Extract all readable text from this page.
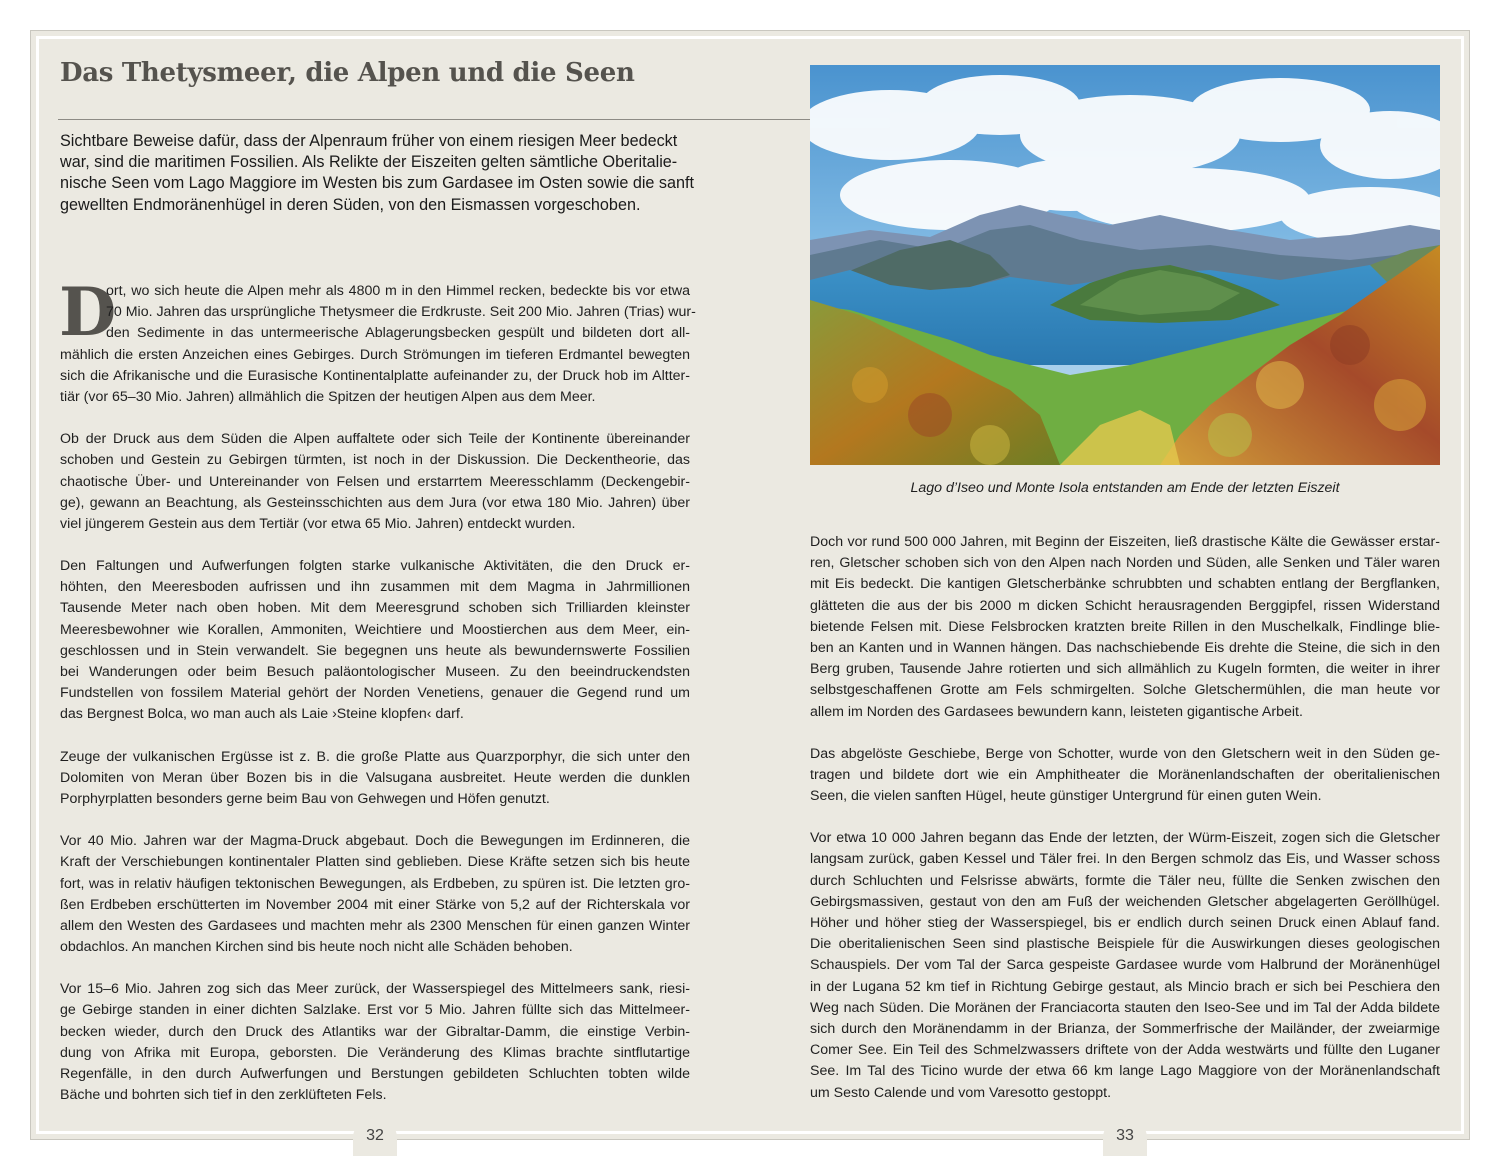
Das Thetysmeer, die Alpen und die Seen
Sichtbare Beweise dafür, dass der Alpenraum früher von einem riesigen Meer bedeckt
war, sind die maritimen Fossilien. Als Relikte der Eiszeiten gelten sämtliche Oberitalie-
nische Seen vom Lago Maggiore im Westen bis zum Gardasee im Osten sowie die sanft
gewellten Endmoränenhügel in deren Süden, von den Eismassen vorgeschoben.
D
ort, wo sich heute die Alpen mehr als 4800 m in den Himmel recken, bedeckte bis vor etwa
70 Mio. Jahren das ursprüngliche Thetysmeer die Erdkruste. Seit 200 Mio. Jahren (Trias) wur-
den Sedimente in das untermeerische Ablagerungsbecken gespült und bildeten dort all-
mählich die ersten Anzeichen eines Gebirges. Durch Strömungen im tieferen Erdmantel bewegten
sich die Afrikanische und die Eurasische Kontinentalplatte aufeinander zu, der Druck hob im Altter-
tiär (vor 65–30 Mio. Jahren) allmählich die Spitzen der heutigen Alpen aus dem Meer.
Ob der Druck aus dem Süden die Alpen auffaltete oder sich Teile der Kontinente übereinander
schoben und Gestein zu Gebirgen türmten, ist noch in der Diskussion. Die Deckentheorie, das
chaotische Über- und Untereinander von Felsen und erstarrtem Meeresschlamm (Deckengebir-
ge), gewann an Beachtung, als Gesteinsschichten aus dem Jura (vor etwa 180 Mio. Jahren) über
viel jüngerem Gestein aus dem Tertiär (vor etwa 65 Mio. Jahren) entdeckt wurden.
Den Faltungen und Aufwerfungen folgten starke vulkanische Aktivitäten, die den Druck er-
höhten, den Meeresboden aufrissen und ihn zusammen mit dem Magma in Jahrmillionen
Tausende Meter nach oben hoben. Mit dem Meeresgrund schoben sich Trilliarden kleinster
Meeresbewohner wie Korallen, Ammoniten, Weichtiere und Moostierchen aus dem Meer, ein-
geschlossen und in Stein verwandelt. Sie begegnen uns heute als bewundernswerte Fossilien
bei Wanderungen oder beim Besuch paläontologischer Museen. Zu den beeindruckendsten
Fundstellen von fossilem Material gehört der Norden Venetiens, genauer die Gegend rund um
das Bergnest Bolca, wo man auch als Laie ›Steine klopfen‹ darf.
Zeuge der vulkanischen Ergüsse ist z. B. die große Platte aus Quarzporphyr, die sich unter den
Dolomiten von Meran über Bozen bis in die Valsugana ausbreitet. Heute werden die dunklen
Porphyrplatten besonders gerne beim Bau von Gehwegen und Höfen genutzt.
Vor 40 Mio. Jahren war der Magma-Druck abgebaut. Doch die Bewegungen im Erdinneren, die
Kraft der Verschiebungen kontinentaler Platten sind geblieben. Diese Kräfte setzen sich bis heute
fort, was in relativ häufigen tektonischen Bewegungen, als Erdbeben, zu spüren ist. Die letzten gro-
ßen Erdbeben erschütterten im November 2004 mit einer Stärke von 5,2 auf der Richterskala vor
allem den Westen des Gardasees und machten mehr als 2300 Menschen für einen ganzen Winter
obdachlos. An manchen Kirchen sind bis heute noch nicht alle Schäden behoben.
Vor 15–6 Mio. Jahren zog sich das Meer zurück, der Wasserspiegel des Mittelmeers sank, riesi-
ge Gebirge standen in einer dichten Salzlake. Erst vor 5 Mio. Jahren füllte sich das Mittelmeer-
becken wieder, durch den Druck des Atlantiks war der Gibraltar-Damm, die einstige Verbin-
dung von Afrika mit Europa, geborsten. Die Veränderung des Klimas brachte sintflutartige
Regenfälle, in den durch Aufwerfungen und Berstungen gebildeten Schluchten tobten wilde
Bäche und bohrten sich tief in den zerklüfteten Fels.
32
Lago d’Iseo und Monte Isola entstanden am Ende der letzten Eiszeit
Doch vor rund 500 000 Jahren, mit Beginn der Eiszeiten, ließ drastische Kälte die Gewässer erstar-
ren, Gletscher schoben sich von den Alpen nach Norden und Süden, alle Senken und Täler waren
mit Eis bedeckt. Die kantigen Gletscherbänke schrubbten und schabten entlang der Bergflanken,
glätteten die aus der bis 2000 m dicken Schicht herausragenden Berggipfel, rissen Widerstand
bietende Felsen mit. Diese Felsbrocken kratzten breite Rillen in den Muschelkalk, Findlinge blie-
ben an Kanten und in Wannen hängen. Das nachschiebende Eis drehte die Steine, die sich in den
Berg gruben, Tausende Jahre rotierten und sich allmählich zu Kugeln formten, die weiter in ihrer
selbstgeschaffenen Grotte am Fels schmirgelten. Solche Gletschermühlen, die man heute vor
allem im Norden des Gardasees bewundern kann, leisteten gigantische Arbeit.
Das abgelöste Geschiebe, Berge von Schotter, wurde von den Gletschern weit in den Süden ge-
tragen und bildete dort wie ein Amphitheater die Moränenlandschaften der oberitalienischen
Seen, die vielen sanften Hügel, heute günstiger Untergrund für einen guten Wein.
Vor etwa 10 000 Jahren begann das Ende der letzten, der Würm-Eiszeit, zogen sich die Gletscher
langsam zurück, gaben Kessel und Täler frei. In den Bergen schmolz das Eis, und Wasser schoss
durch Schluchten und Felsrisse abwärts, formte die Täler neu, füllte die Senken zwischen den
Gebirgsmassiven, gestaut von den am Fuß der weichenden Gletscher abgelagerten Geröllhügel.
Höher und höher stieg der Wasserspiegel, bis er endlich durch seinen Druck einen Ablauf fand.
Die oberitalienischen Seen sind plastische Beispiele für die Auswirkungen dieses geologischen
Schauspiels. Der vom Tal der Sarca gespeiste Gardasee wurde vom Halbrund der Moränenhügel
in der Lugana 52 km tief in Richtung Gebirge gestaut, als Mincio brach er sich bei Peschiera den
Weg nach Süden. Die Moränen der Franciacorta stauten den Iseo-See und im Tal der Adda bildete
sich durch den Moränendamm in der Brianza, der Sommerfrische der Mailänder, der zweiarmige
Comer See. Ein Teil des Schmelzwassers driftete von der Adda westwärts und füllte den Luganer
See. Im Tal des Ticino wurde der etwa 66 km lange Lago Maggiore von der Moränenlandschaft
um Sesto Calende und vom Varesotto gestoppt.
33
